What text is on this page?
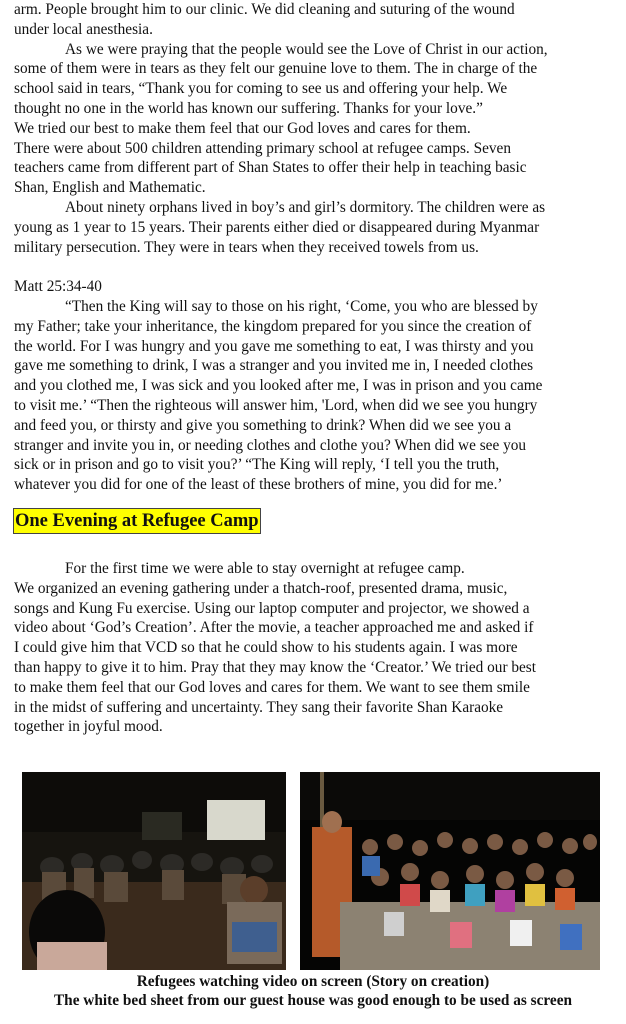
arm. People brought him to our clinic. We did cleaning and suturing of the wound
under local anesthesia.
As we were praying that the people would see the Love of Christ in our action,
some of them were in tears as they felt our genuine love to them. The in charge of the
school said in tears, “Thank you for coming to see us and offering your help. We
thought no one in the world has known our suffering. Thanks for your love.”
We tried our best to make them feel that our God loves and cares for them.
There were about 500 children attending primary school at refugee camps. Seven
teachers came from different part of Shan States to offer their help in teaching basic
Shan, English and Mathematic.
About ninety orphans lived in boy’s and girl’s dormitory. The children were as
young as 1 year to 15 years. Their parents either died or disappeared during Myanmar
military persecution. They were in tears when they received towels from us.
Matt 25:34-40
“Then the King will say to those on his right, ‘Come, you who are blessed by
my Father; take your inheritance, the kingdom prepared for you since the creation of
the world. For I was hungry and you gave me something to eat, I was thirsty and you
gave me something to drink, I was a stranger and you invited me in, I needed clothes
and you clothed me, I was sick and you looked after me, I was in prison and you came
to visit me.’ “Then the righteous will answer him, 'Lord, when did we see you hungry
and feed you, or thirsty and give you something to drink? When did we see you a
stranger and invite you in, or needing clothes and clothe you? When did we see you
sick or in prison and go to visit you?’ “The King will reply, ‘I tell you the truth,
whatever you did for one of the least of these brothers of mine, you did for me.’
One Evening at Refugee Camp
For the first time we were able to stay overnight at refugee camp.
We organized an evening gathering under a thatch-roof, presented drama, music,
songs and Kung Fu exercise. Using our laptop computer and projector, we showed a
video about ‘God’s Creation’. After the movie, a teacher approached me and asked if
I could give him that VCD so that he could show to his students again. I was more
than happy to give it to him. Pray that they may know the ‘Creator.’ We tried our best
to make them feel that our God loves and cares for them. We want to see them smile
in the midst of suffering and uncertainty. They sang their favorite Shan Karaoke
together in joyful mood.
Refugees watching video on screen (Story on creation)
The white bed sheet from our guest house was good enough to be used as screen
